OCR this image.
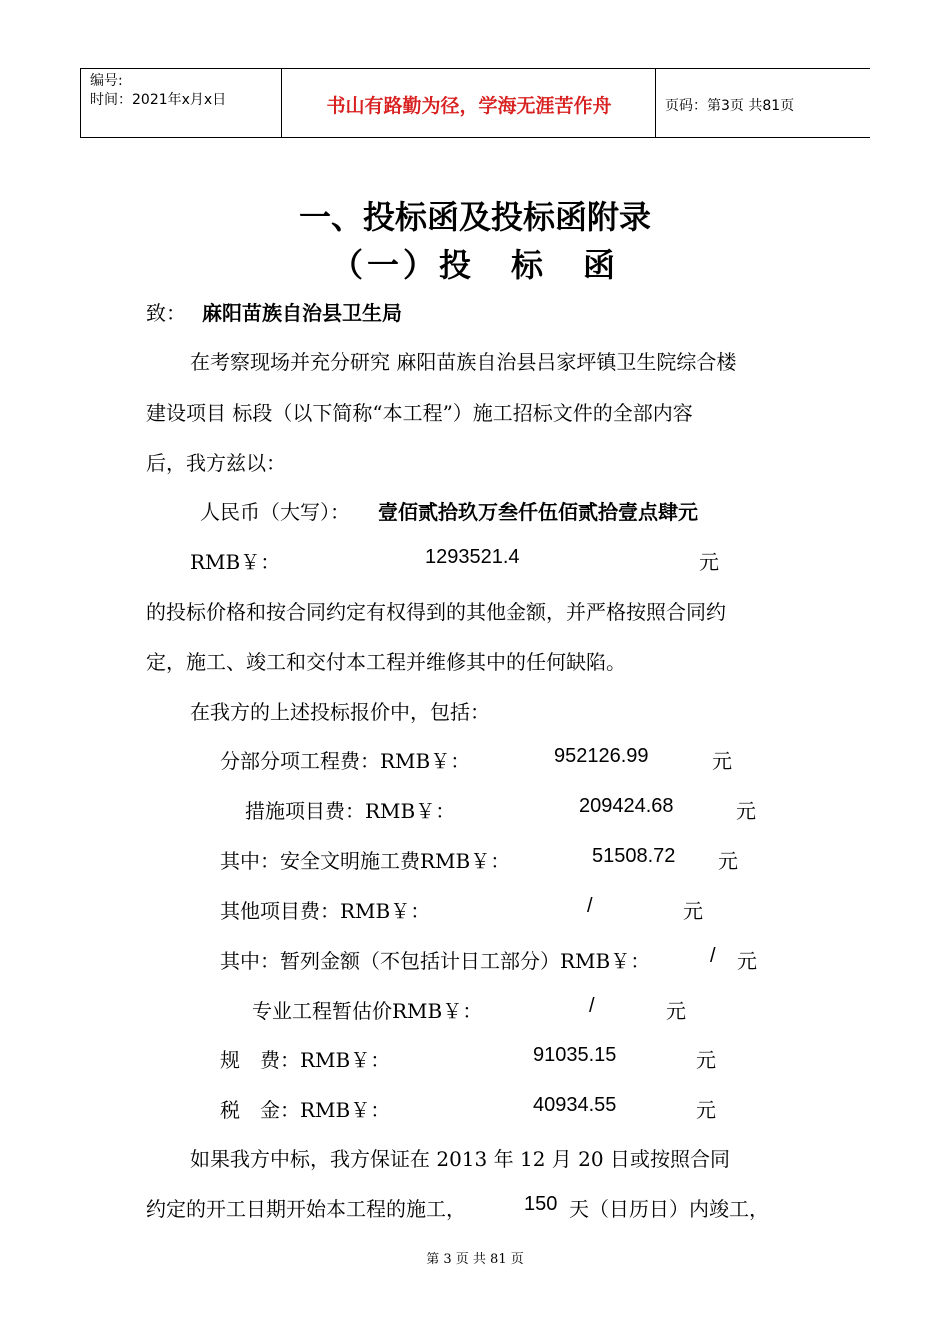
编号:
时间：2021年x月x日	书山有路勤为径，学海无涯苦作舟	页码：第3页 共81页
一、投标函及投标函附录
（一）投　标　函
致： 麻阳苗族自治县卫生局
在考察现场并充分研究 麻阳苗族自治县吕家坪镇卫生院综合楼
建设项目 标段（以下简称“本工程”）施工招标文件的全部内容
后，我方兹以：
人民币（大写）： 壹佰贰拾玖万叁仟伍佰贰拾壹点肆元
RMB￥：	1293521.4	元
的投标价格和按合同约定有权得到的其他金额，并严格按照合同约
定，施工、竣工和交付本工程并维修其中的任何缺陷。
在我方的上述投标报价中，包括：
分部分项工程费：RMB￥：	952126.99	元
措施项目费：RMB￥：	209424.68	元
其中：安全文明施工费RMB￥：	51508.72 元
其他项目费：RMB￥：	/	元
其中：暂列金额（不包括计日工部分）RMB￥：	/ 元
专业工程暂估价RMB￥：	/	元
规　费：RMB￥：	91035.15	元
税　金：RMB￥：	40934.55	元
如果我方中标，我方保证在 2013 年 12 月 20 日或按照合同
约定的开工日期开始本工程的施工，	150 天（日历日）内竣工，
第 3 页 共 81 页
